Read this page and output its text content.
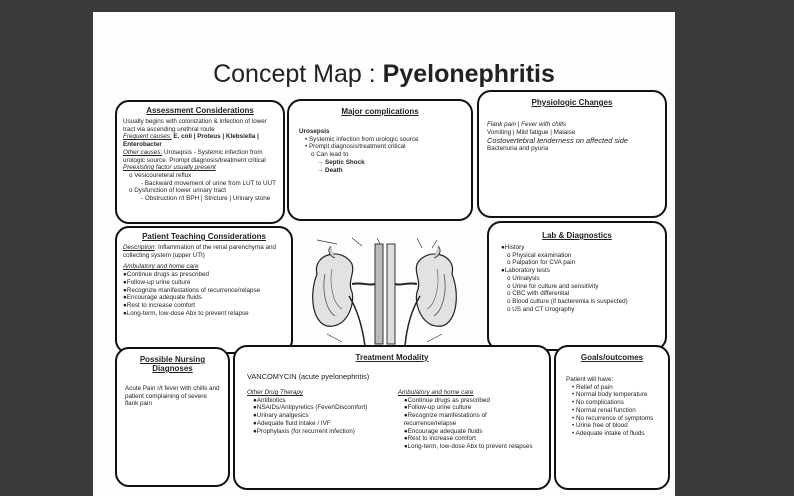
Concept Map : Pyelonephritis
Assessment Considerations
Usually begins with colonization & infection of lower tract via ascending urethral route
Frequent causes: E. coli | Proteus | Klebsiella | Enterobacter
Other causes: Urosepsis - Systemic infection from urologic source. Prompt diagnosis/treatment critical
Preexisting factor usually present
o Vesicoureteral reflux
- Backward movement of urine from LUT to UUT
o Dysfunction of lower urinary tract
- Obstruction r/t BPH | Stricture | Urinary stone
Major complications
Urosepsis
• Systemic infection from urologic source
• Prompt diagnosis/treatment critical
o Can lead to
→ Septic Shock
→ Death
Physiologic Changes
Flank pain | Fever with chills
Vomiting | Mild fatigue | Malaise
Costovertebral tenderness on affected side
Bacteriuria and pyuria
Patient Teaching Considerations
Description: Inflammation of the renal parenchyma and collecting system (upper UTI)
Ambulatory and home care
●Continue drugs as prescribed
●Follow-up urine culture
●Recognize manifestations of recurrence/relapse
●Encourage adequate fluids
●Rest to increase comfort
●Long-term, low-dose Abx to prevent relapse
Lab & Diagnostics
●History
o Physical examination
o Palpation for CVA pain
●Laboratory tests
o Urinalysis
o Urine for culture and sensitivity
o CBC with differential
o Blood culture (if bacteremia is suspected)
o US and CT Urography
Possible Nursing Diagnoses
Acute Pain r/t fever with chills and patient complaining of severe flank pain
Treatment Modality
VANCOMYCIN (acute pyelonephritis)
Other Drug Therapy
●Antibiotics
●NSAIDs/Antipyretics (Fever\Discomfort)
●Urinary analgesics
●Adequate fluid intake / IVF
●Prophylaxis (for recurrent infection)
Ambulatory and home care
●Continue drugs as prescribed
●Follow-up urine culture
●Recognize manifestations of recurrence/relapse
●Encourage adequate fluids
●Rest to increase comfort
●Long-term, low-dose Abx to prevent relapses
Goals/outcomes
Patient will have:
• Relief of pain
• Normal body temperature
• No complications
• Normal renal function
• No recurrence of symptoms
• Urine free of blood
• Adequate intake of fluids
